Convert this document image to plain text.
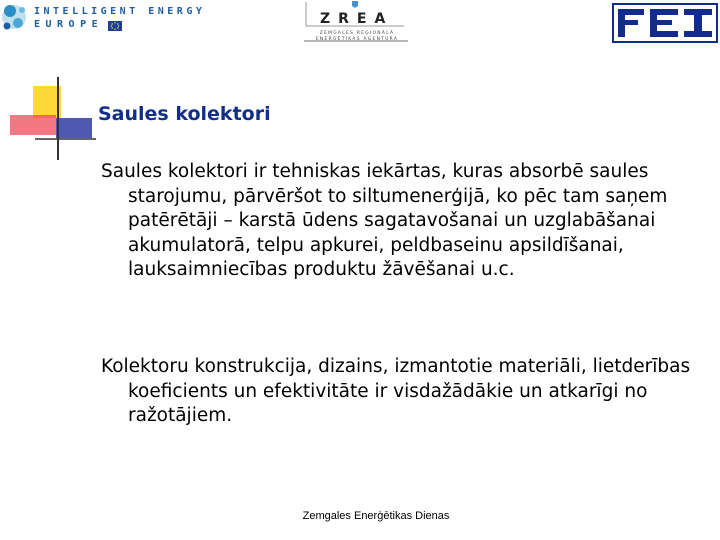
INTELLIGENT ENERGY
EUROPE	ZREA
ZEMGALES REĢIONĀLĀ
ENERĢĒTIKAS AĢENTŪRA
Saules kolektori
Saules kolektori ir tehniskas iekārtas, kuras absorbē saules starojumu, pārvēršot to siltumenerģijā, ko pēc tam saņem patērētāji – karstā ūdens sagatavošanai un uzglabāšanai akumulatorā, telpu apkurei, peldbaseinu apsildīšanai, lauksaimniecības produktu žāvēšanai u.c.
Kolektoru konstrukcija, dizains, izmantotie materiāli, lietderības koeficients un efektivitāte ir visdažādākie un atkarīgi no ražotājiem.
Zemgales Enerģētikas Dienas
